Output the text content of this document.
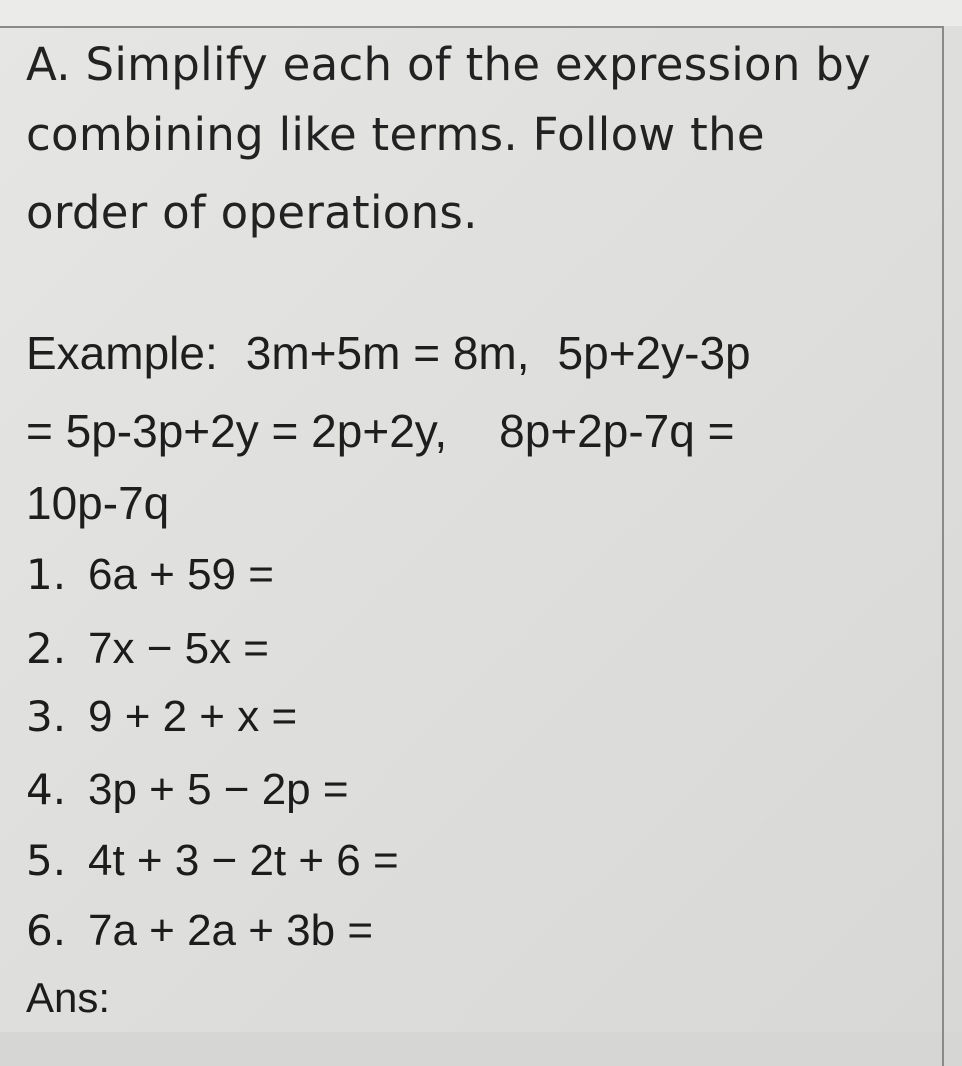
A. Simplify each of the expression by
combining like terms. Follow the
order of operations.
Example: 3m+5m = 8m, 5p+2y-3p
= 5p-3p+2y = 2p+2y, 8p+2p-7q =
10p-7q
1. 6a + 59 =
2. 7x − 5x =
3. 9 + 2 + x =
4. 3p + 5 − 2p =
5. 4t + 3 − 2t + 6 =
6. 7a + 2a + 3b =
Ans:
